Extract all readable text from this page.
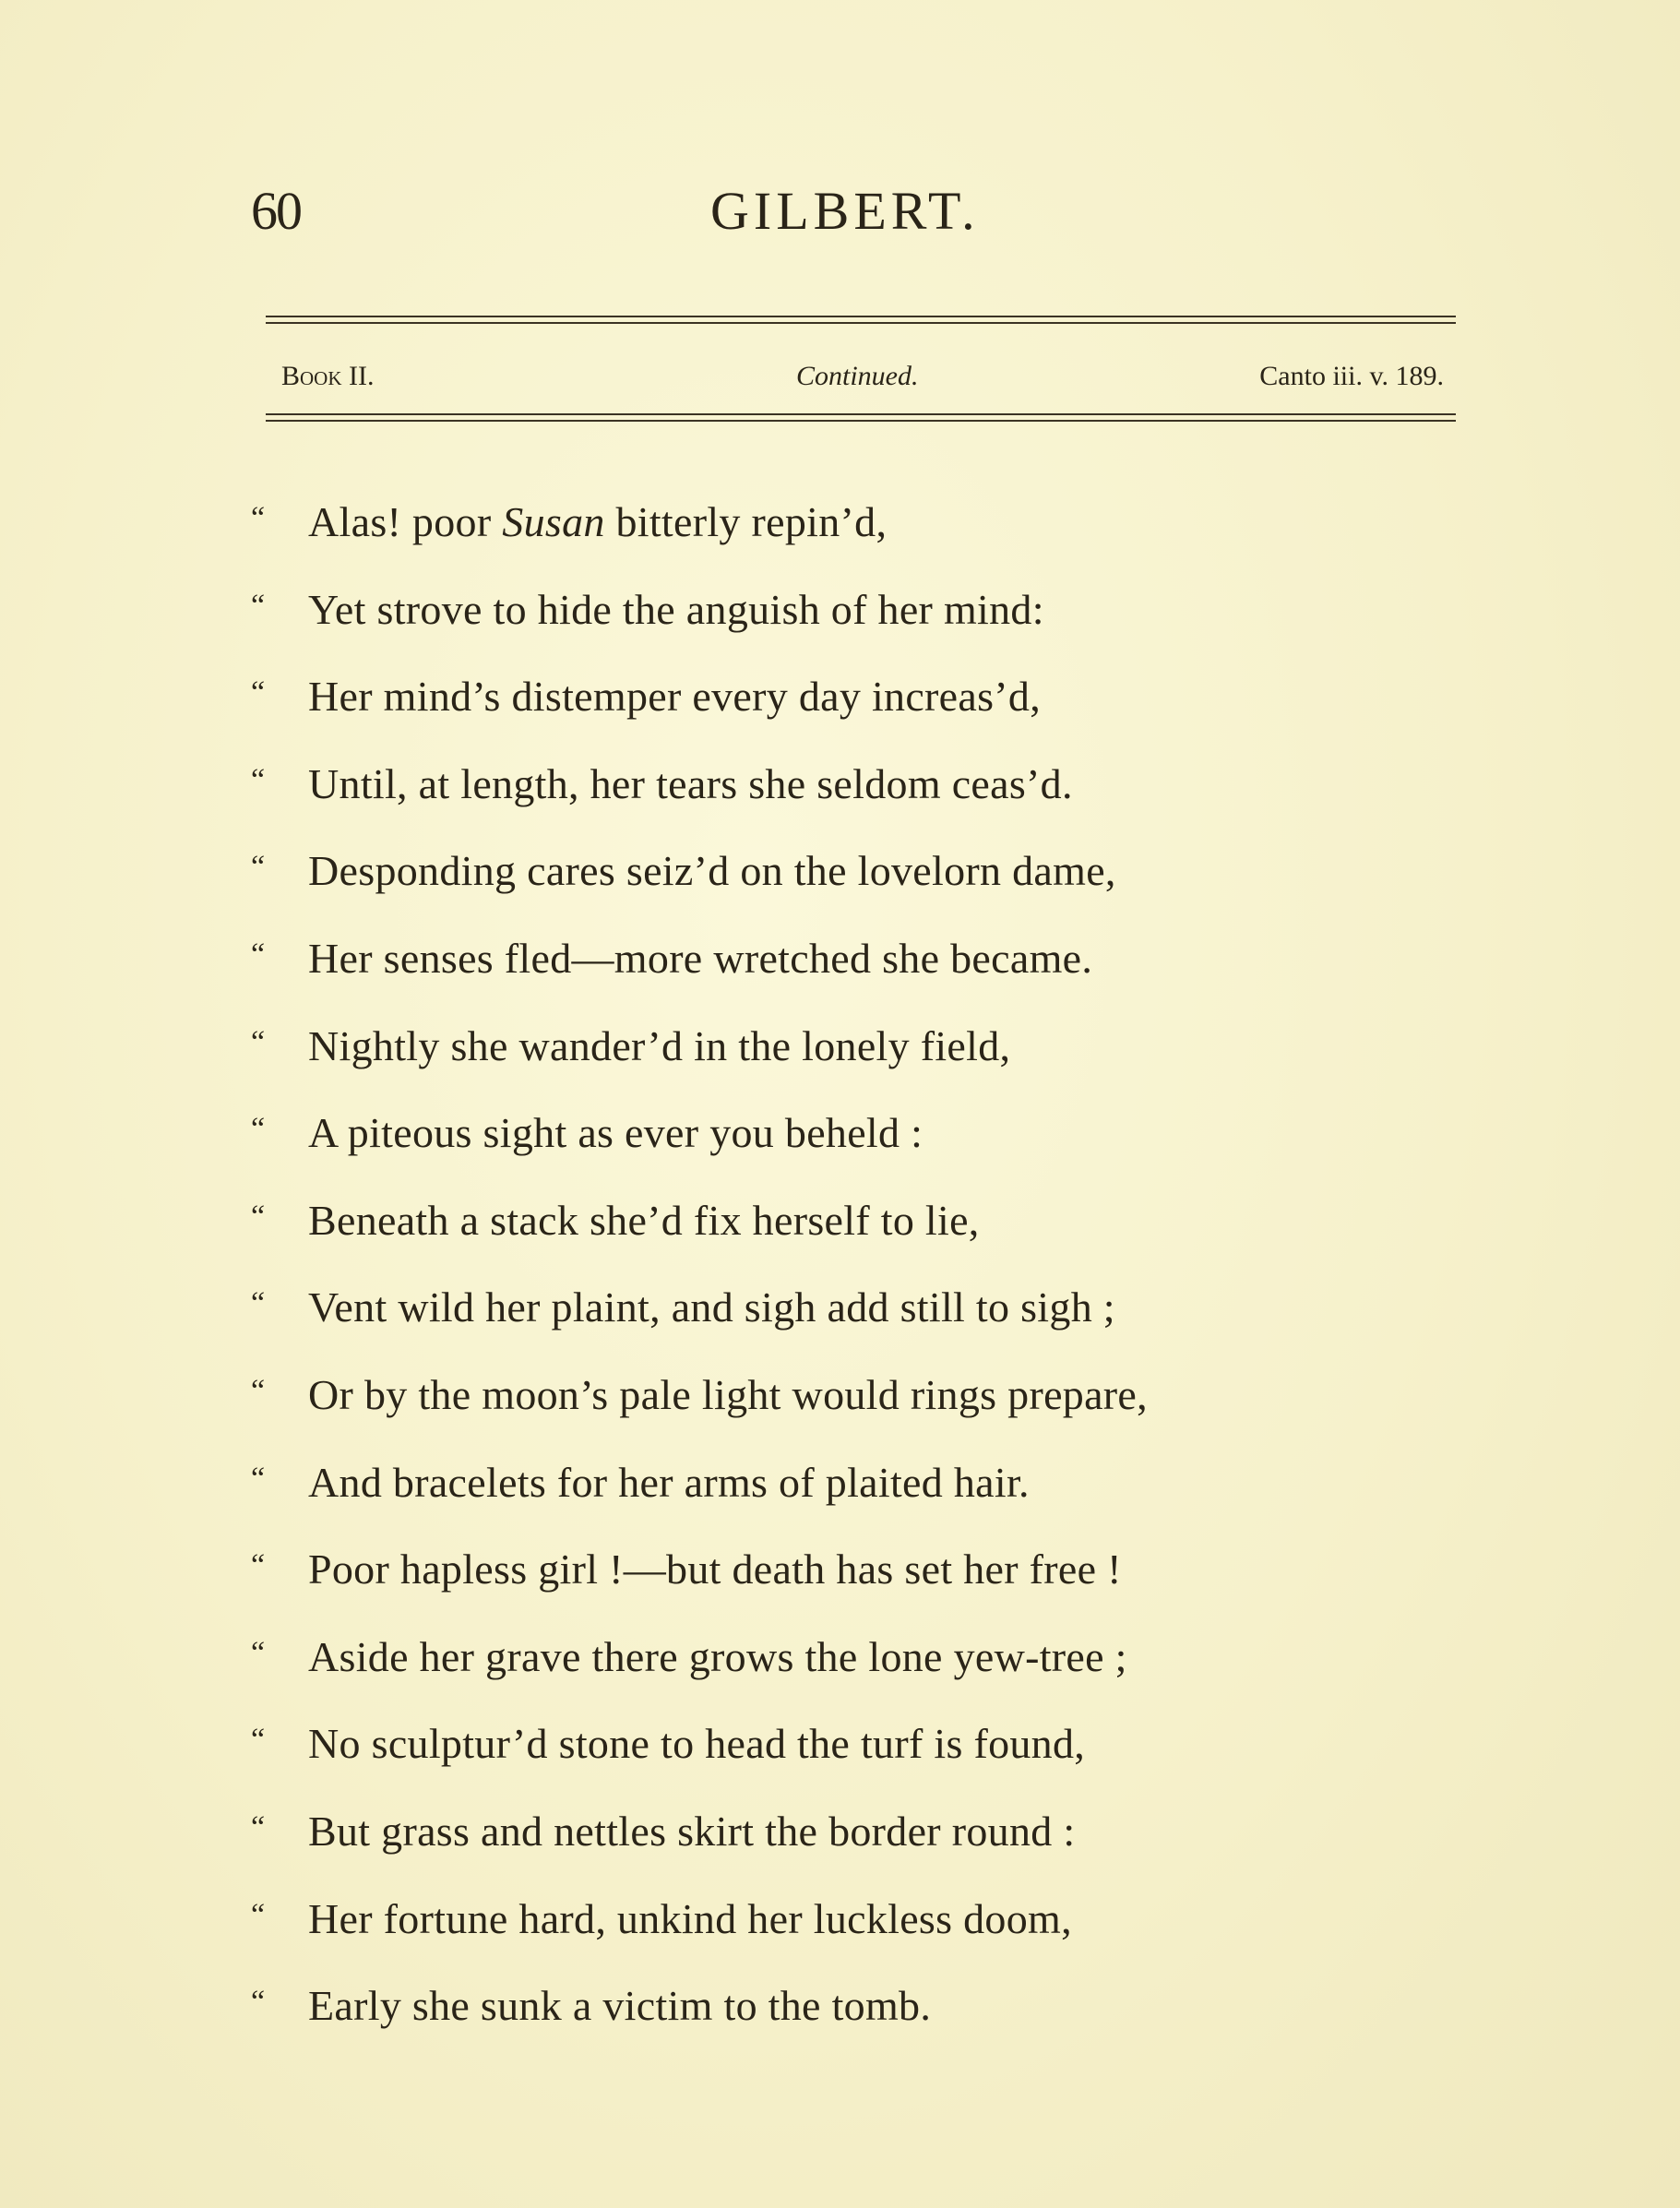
60	GILBERT.
Book II.	Continued.	Canto iii. v. 189.
“ Alas! poor Susan bitterly repin’d,
“ Yet strove to hide the anguish of her mind:
“ Her mind’s distemper every day increas’d,
“ Until, at length, her tears she seldom ceas’d.
“ Desponding cares seiz’d on the lovelorn dame,
“ Her senses fled—more wretched she became.
“ Nightly she wander’d in the lonely field,
“ A piteous sight as ever you beheld :
“ Beneath a stack she’d fix herself to lie,
“ Vent wild her plaint, and sigh add still to sigh ;
“ Or by the moon’s pale light would rings prepare,
“ And bracelets for her arms of plaited hair.
“ Poor hapless girl !—but death has set her free !
“ Aside her grave there grows the lone yew-tree ;
“ No sculptur’d stone to head the turf is found,
“ But grass and nettles skirt the border round :
“ Her fortune hard, unkind her luckless doom,
“ Early she sunk a victim to the tomb.
